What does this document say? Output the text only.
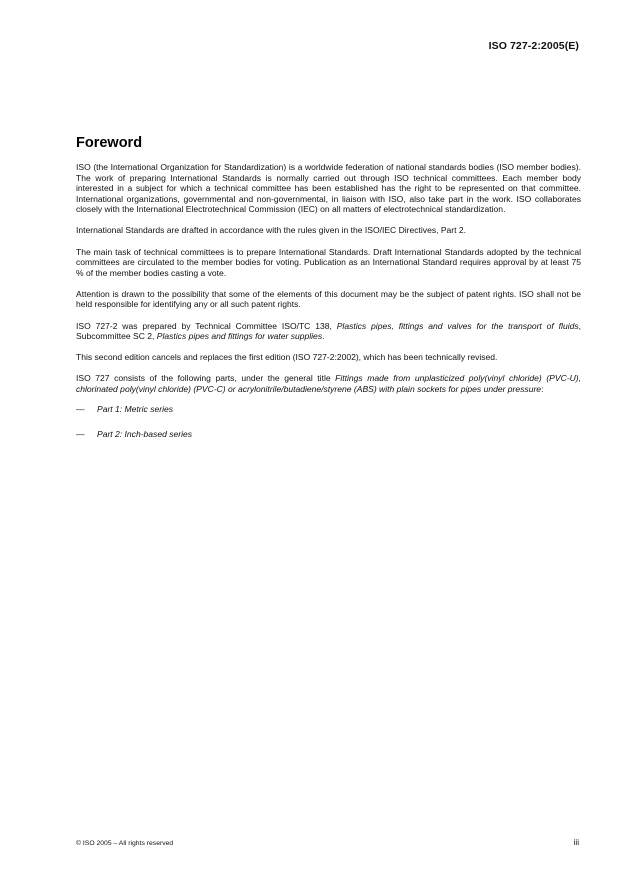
ISO 727-2:2005(E)
Foreword

ISO (the International Organization for Standardization) is a worldwide federation of national standards bodies (ISO member bodies). The work of preparing International Standards is normally carried out through ISO technical committees. Each member body interested in a subject for which a technical committee has been established has the right to be represented on that committee. International organizations, governmental and non-governmental, in liaison with ISO, also take part in the work. ISO collaborates closely with the International Electrotechnical Commission (IEC) on all matters of electrotechnical standardization.

International Standards are drafted in accordance with the rules given in the ISO/IEC Directives, Part 2.

The main task of technical committees is to prepare International Standards. Draft International Standards adopted by the technical committees are circulated to the member bodies for voting. Publication as an International Standard requires approval by at least 75 % of the member bodies casting a vote.

Attention is drawn to the possibility that some of the elements of this document may be the subject of patent rights. ISO shall not be held responsible for identifying any or all such patent rights.

ISO 727-2 was prepared by Technical Committee ISO/TC 138, Plastics pipes, fittings and valves for the transport of fluids, Subcommittee SC 2, Plastics pipes and fittings for water supplies.

This second edition cancels and replaces the first edition (ISO 727-2:2002), which has been technically revised.

ISO 727 consists of the following parts, under the general title Fittings made from unplasticized poly(vinyl chloride) (PVC-U), chlorinated poly(vinyl chloride) (PVC-C) or acrylonitrile/butadiene/styrene (ABS) with plain sockets for pipes under pressure:

—	Part 1: Metric series
—	Part 2: Inch-based series
© ISO 2005 – All rights reserved	iii
